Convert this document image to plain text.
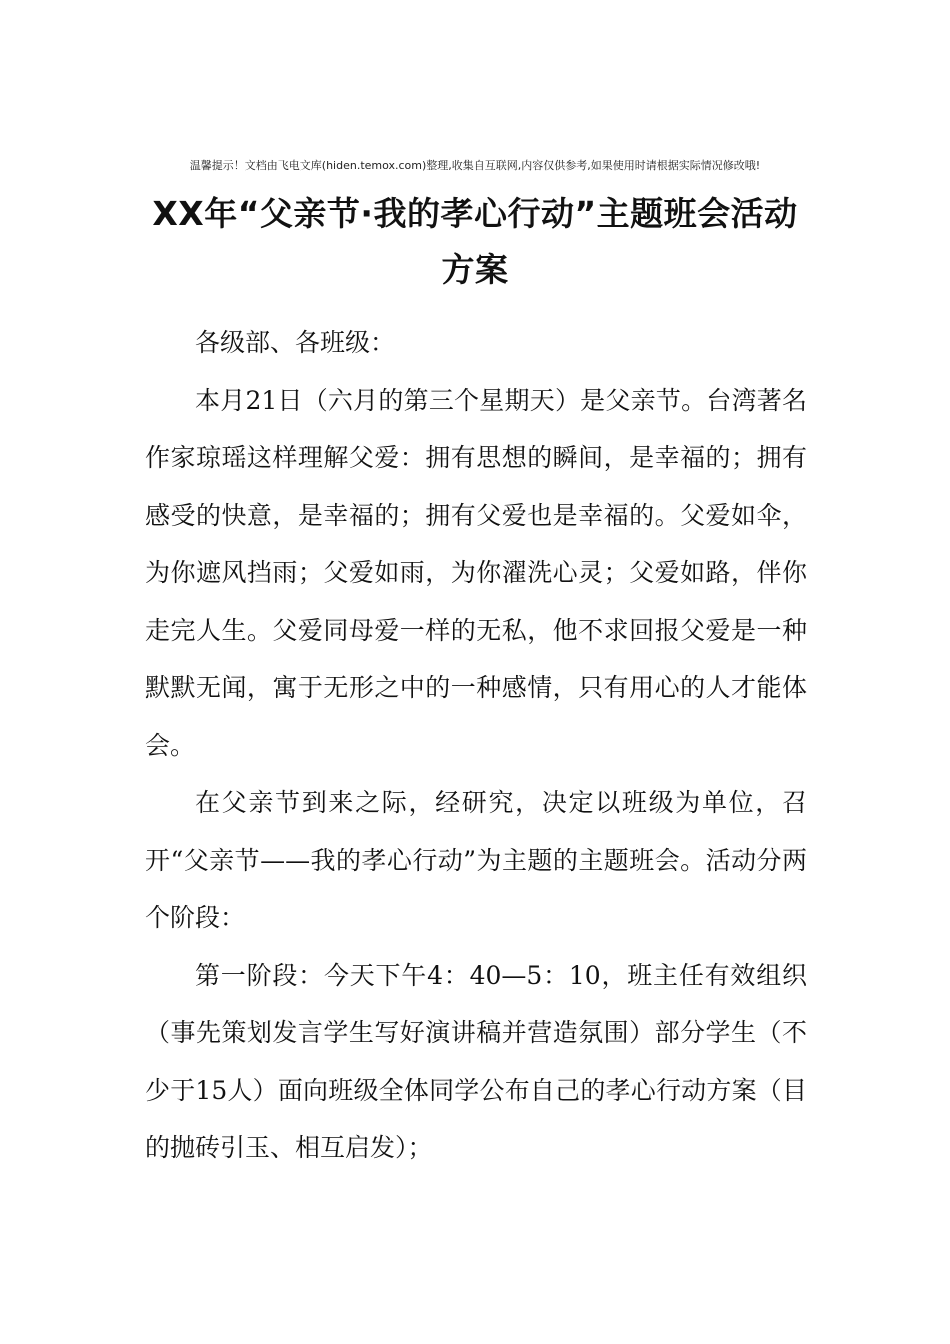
温馨提示！文档由飞电文库(hiden.temox.com)整理,收集自互联网,内容仅供参考,如果使用时请根据实际情况修改哦!
XX年“父亲节·我的孝心行动”主题班会活动方案

各级部、各班级：

本月21日（六月的第三个星期天）是父亲节。台湾著名作家琼瑶这样理解父爱：拥有思想的瞬间，是幸福的；拥有感受的快意，是幸福的；拥有父爱也是幸福的。父爱如伞，为你遮风挡雨；父爱如雨，为你濯洗心灵；父爱如路，伴你走完人生。父爱同母爱一样的无私，他不求回报父爱是一种默默无闻，寓于无形之中的一种感情，只有用心的人才能体会。

在父亲节到来之际，经研究，决定以班级为单位，召开“父亲节——我的孝心行动”为主题的主题班会。活动分两个阶段：

第一阶段：今天下午4：40—5：10，班主任有效组织（事先策划发言学生写好演讲稿并营造氛围）部分学生（不少于15人）面向班级全体同学公布自己的孝心行动方案（目的抛砖引玉、相互启发）；
